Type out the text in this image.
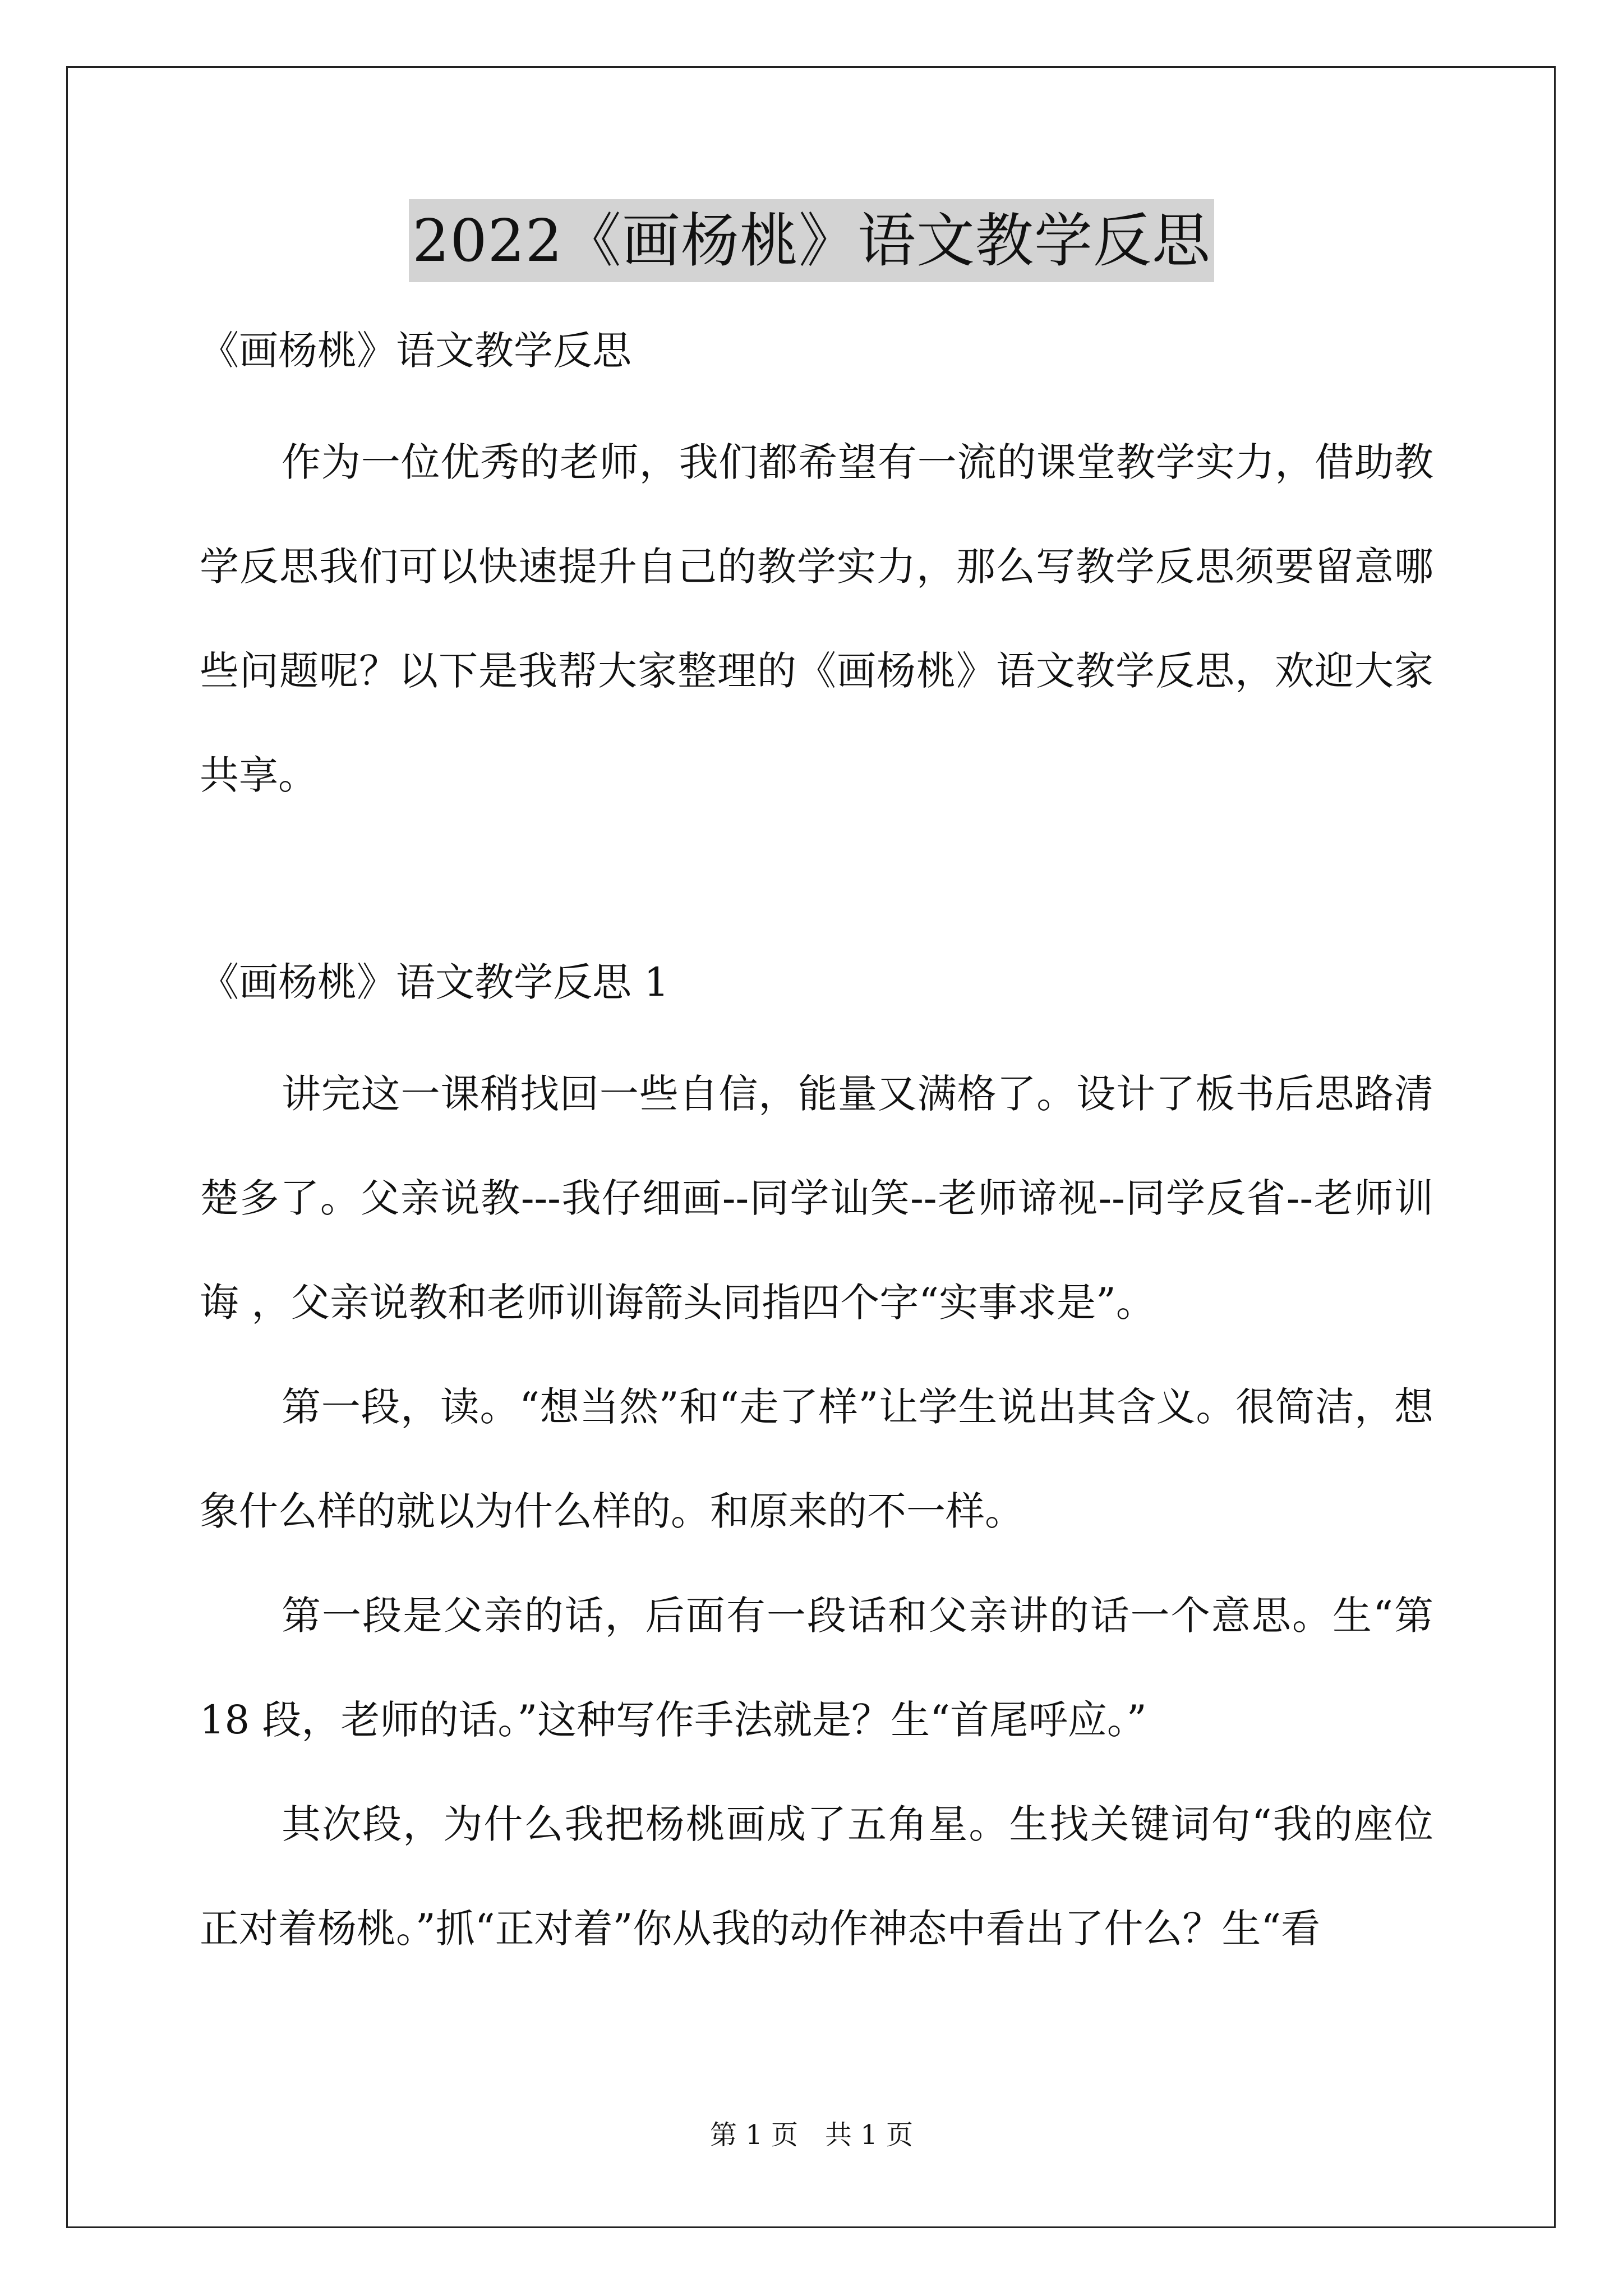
2022《画杨桃》语文教学反思

《画杨桃》语文教学反思

作为一位优秀的老师，我们都希望有一流的课堂教学实力，借助教学反思我们可以快速提升自己的教学实力，那么写教学反思须要留意哪些问题呢？以下是我帮大家整理的《画杨桃》语文教学反思，欢迎大家共享。

《画杨桃》语文教学反思 1

讲完这一课稍找回一些自信，能量又满格了。设计了板书后思路清楚多了。父亲说教---我仔细画--同学讪笑--老师谛视--同学反省--老师训诲 ，父亲说教和老师训诲箭头同指四个字“实事求是”。

第一段，读。“想当然”和“走了样”让学生说出其含义。很简洁，想象什么样的就以为什么样的。和原来的不一样。

第一段是父亲的话，后面有一段话和父亲讲的话一个意思。生“第 18 段，老师的话。”这种写作手法就是？生“首尾呼应。”

其次段，为什么我把杨桃画成了五角星。生找关键词句“我的座位正对着杨桃。”抓“正对着”你从我的动作神态中看出了什么？生“看

第 1 页　共 1 页
